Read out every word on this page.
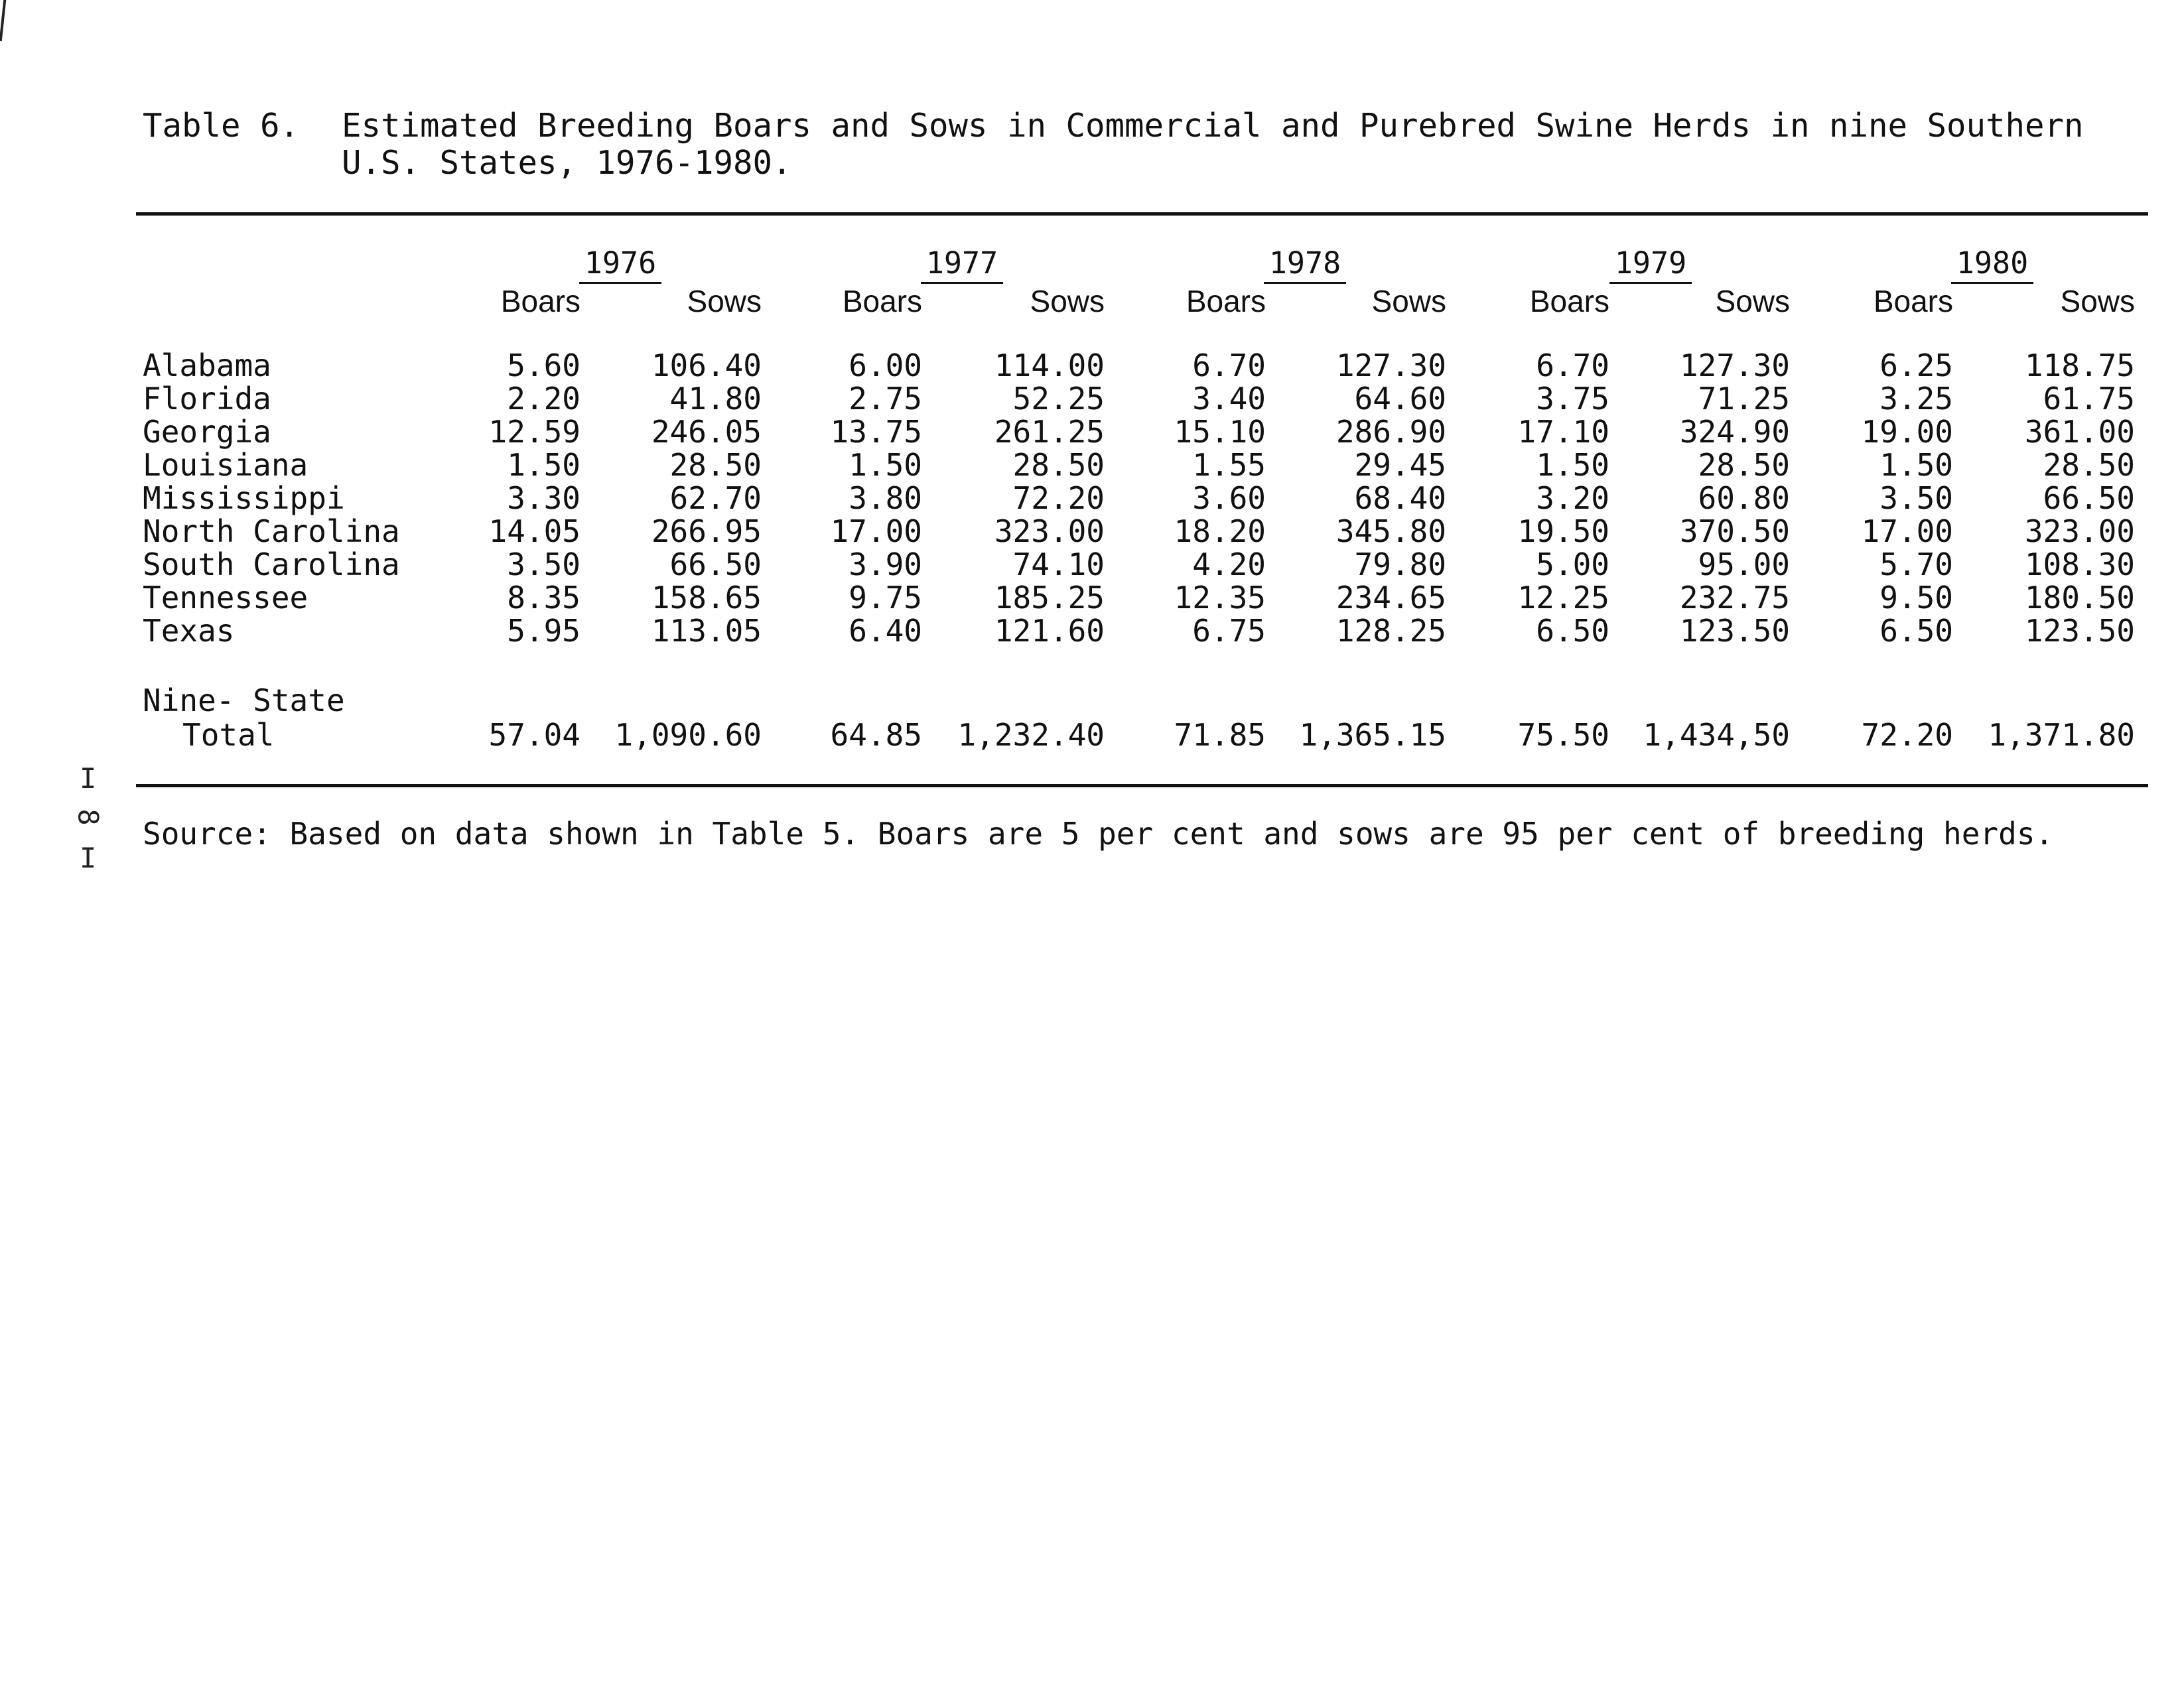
Table 6.	Estimated Breeding Boars and Sows in Commercial and Purebred Swine Herds in nine Southern
U.S. States, 1976-1980.
1976
Boars	Sows
1977
Boars	Sows
1978
Boars	Sows
1979
Boars	Sows
1980
Boars	Sows
Alabama	5.60	106.40	6.00	114.00	6.70	127.30	6.70	127.30	6.25	118.75
Florida	2.20	41.80	2.75	52.25	3.40	64.60	3.75	71.25	3.25	61.75
Georgia	12.59	246.05	13.75	261.25	15.10	286.90	17.10	324.90	19.00	361.00
Louisiana	1.50	28.50	1.50	28.50	1.55	29.45	1.50	28.50	1.50	28.50
Mississippi	3.30	62.70	3.80	72.20	3.60	68.40	3.20	60.80	3.50	66.50
North Carolina	14.05	266.95	17.00	323.00	18.20	345.80	19.50	370.50	17.00	323.00
South Carolina	3.50	66.50	3.90	74.10	4.20	79.80	5.00	95.00	5.70	108.30
Tennessee	8.35	158.65	9.75	185.25	12.35	234.65	12.25	232.75	9.50	180.50
Texas	5.95	113.05	6.40	121.60	6.75	128.25	6.50	123.50	6.50	123.50
Nine- State
Total	57.04	1,090.60	64.85	1,232.40	71.85	1,365.15	75.50	1,434,50	72.20	1,371.80
I
8
I
Source: Based on data shown in Table 5. Boars are 5 per cent and sows are 95 per cent of breeding herds.
